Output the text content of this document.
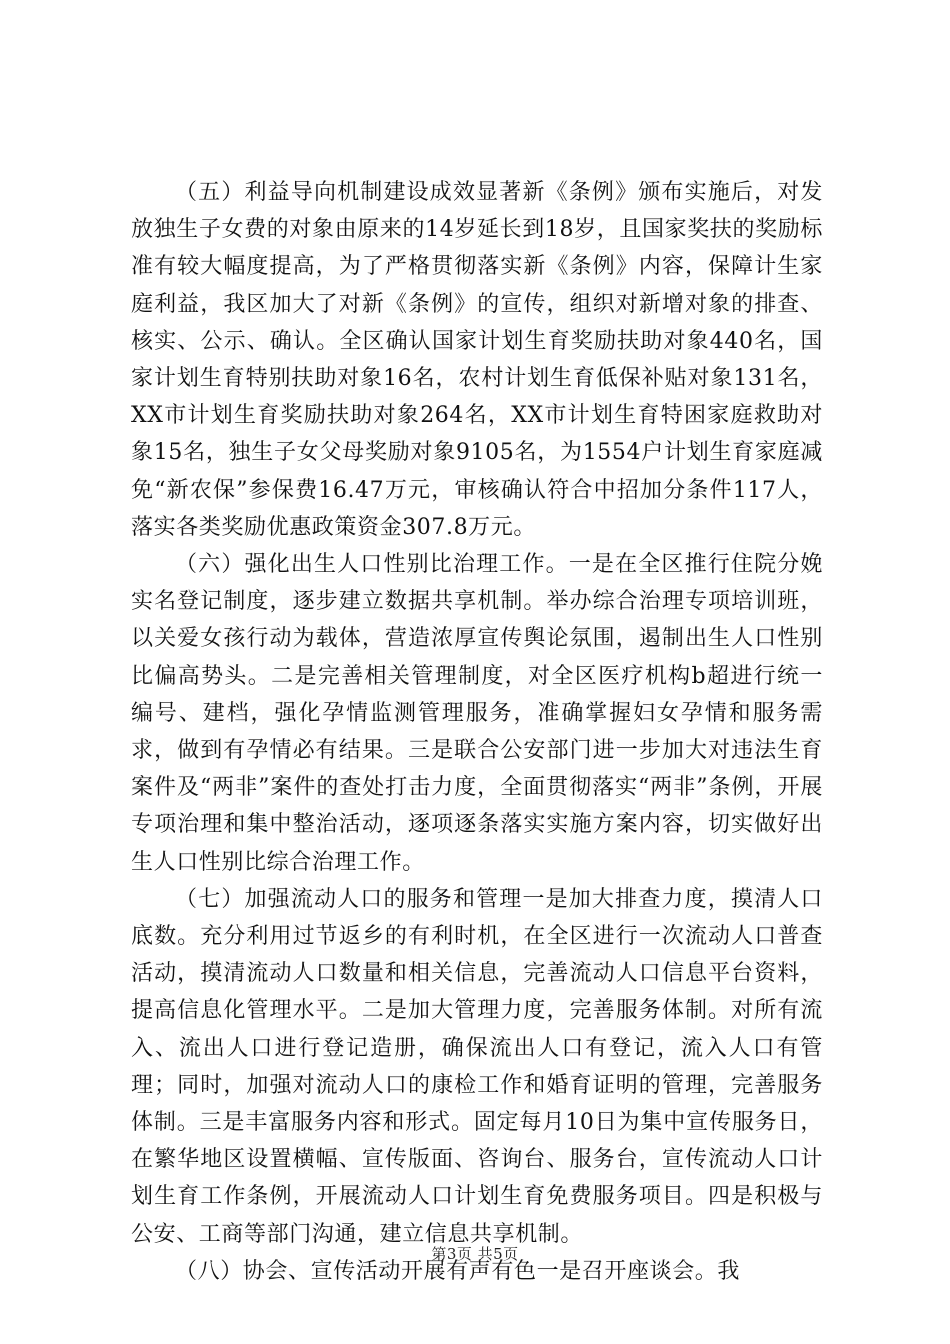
（五）利益导向机制建设成效显著新《条例》颁布实施后，对发放独生子女费的对象由原来的14岁延长到18岁，且国家奖扶的奖励标准有较大幅度提高，为了严格贯彻落实新《条例》内容，保障计生家庭利益，我区加大了对新《条例》的宣传，组织对新增对象的排查、核实、公示、确认。全区确认国家计划生育奖励扶助对象440名，国家计划生育特别扶助对象16名，农村计划生育低保补贴对象131名，XX市计划生育奖励扶助对象264名，XX市计划生育特困家庭救助对象15名，独生子女父母奖励对象9105名，为1554户计划生育家庭减免“新农保”参保费16.47万元，审核确认符合中招加分条件117人，落实各类奖励优惠政策资金307.8万元。

（六）强化出生人口性别比治理工作。一是在全区推行住院分娩实名登记制度，逐步建立数据共享机制。举办综合治理专项培训班，以关爱女孩行动为载体，营造浓厚宣传舆论氛围，遏制出生人口性别比偏高势头。二是完善相关管理制度，对全区医疗机构b超进行统一编号、建档，强化孕情监测管理服务，准确掌握妇女孕情和服务需求，做到有孕情必有结果。三是联合公安部门进一步加大对违法生育案件及“两非”案件的查处打击力度，全面贯彻落实“两非”条例，开展专项治理和集中整治活动，逐项逐条落实实施方案内容，切实做好出生人口性别比综合治理工作。

（七）加强流动人口的服务和管理一是加大排查力度，摸清人口底数。充分利用过节返乡的有利时机，在全区进行一次流动人口普查活动，摸清流动人口数量和相关信息，完善流动人口信息平台资料，提高信息化管理水平。二是加大管理力度，完善服务体制。对所有流入、流出人口进行登记造册，确保流出人口有登记，流入人口有管理；同时，加强对流动人口的康检工作和婚育证明的管理，完善服务体制。三是丰富服务内容和形式。固定每月10日为集中宣传服务日，在繁华地区设置横幅、宣传版面、咨询台、服务台，宣传流动人口计划生育工作条例，开展流动人口计划生育免费服务项目。四是积极与公安、工商等部门沟通，建立信息共享机制。

（八）协会、宣传活动开展有声有色一是召开座谈会。我

第3页 共5页
